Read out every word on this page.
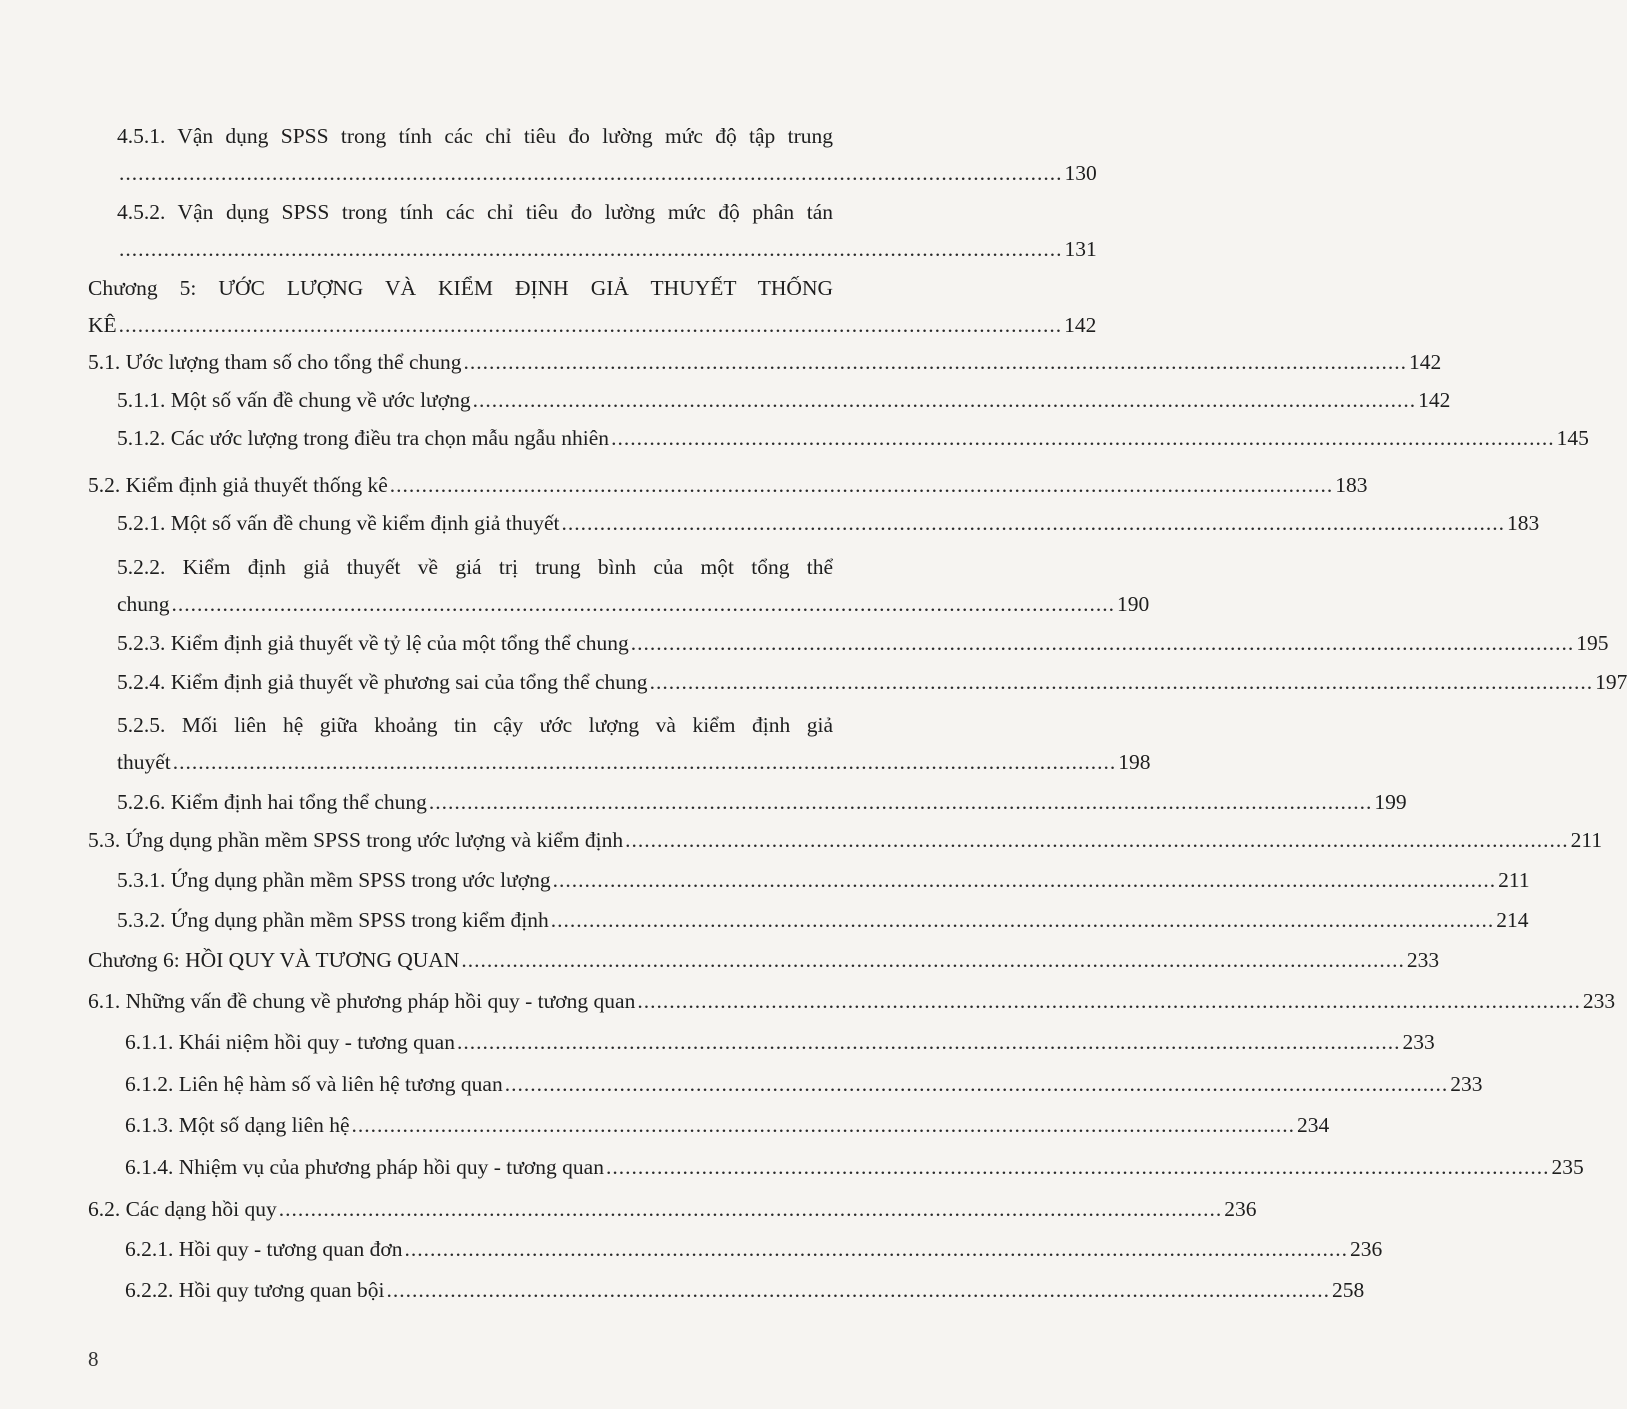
4.5.1. Vận dụng SPSS trong tính các chỉ tiêu đo lường mức độ tập trung
.................................................................................................................................................... 130
4.5.2. Vận dụng SPSS trong tính các chỉ tiêu đo lường mức độ phân tán
.................................................................................................................................................... 131
Chương 5: ƯỚC LƯỢNG VÀ KIỂM ĐỊNH GIẢ THUYẾT THỐNG
KÊ .................................................................................................................................................... 142
5.1. Ước lượng tham số cho tổng thể chung .................................................................................................................................................... 142
5.1.1. Một số vấn đề chung về ước lượng .................................................................................................................................................... 142
5.1.2. Các ước lượng trong điều tra chọn mẫu ngẫu nhiên .................................................................................................................................................... 145
5.2. Kiểm định giả thuyết thống kê .................................................................................................................................................... 183
5.2.1. Một số vấn đề chung về kiểm định giả thuyết .................................................................................................................................................... 183
5.2.2. Kiểm định giả thuyết về giá trị trung bình của một tổng thể
chung .................................................................................................................................................... 190
5.2.3. Kiểm định giả thuyết về tỷ lệ của một tổng thể chung .................................................................................................................................................... 195
5.2.4. Kiểm định giả thuyết về phương sai của tổng thể chung .................................................................................................................................................... 197
5.2.5. Mối liên hệ giữa khoảng tin cậy ước lượng và kiểm định giả
thuyết .................................................................................................................................................... 198
5.2.6. Kiểm định hai tổng thể chung .................................................................................................................................................... 199
5.3. Ứng dụng phần mềm SPSS trong ước lượng và kiểm định .................................................................................................................................................... 211
5.3.1. Ứng dụng phần mềm SPSS trong ước lượng .................................................................................................................................................... 211
5.3.2. Ứng dụng phần mềm SPSS trong kiểm định .................................................................................................................................................... 214
Chương 6: HỒI QUY VÀ TƯƠNG QUAN .................................................................................................................................................... 233
6.1. Những vấn đề chung về phương pháp hồi quy - tương quan .................................................................................................................................................... 233
6.1.1. Khái niệm hồi quy - tương quan .................................................................................................................................................... 233
6.1.2. Liên hệ hàm số và liên hệ tương quan .................................................................................................................................................... 233
6.1.3. Một số dạng liên hệ .................................................................................................................................................... 234
6.1.4. Nhiệm vụ của phương pháp hồi quy - tương quan .................................................................................................................................................... 235
6.2. Các dạng hồi quy .................................................................................................................................................... 236
6.2.1. Hồi quy - tương quan đơn .................................................................................................................................................... 236
6.2.2. Hồi quy tương quan bội .................................................................................................................................................... 258
8
